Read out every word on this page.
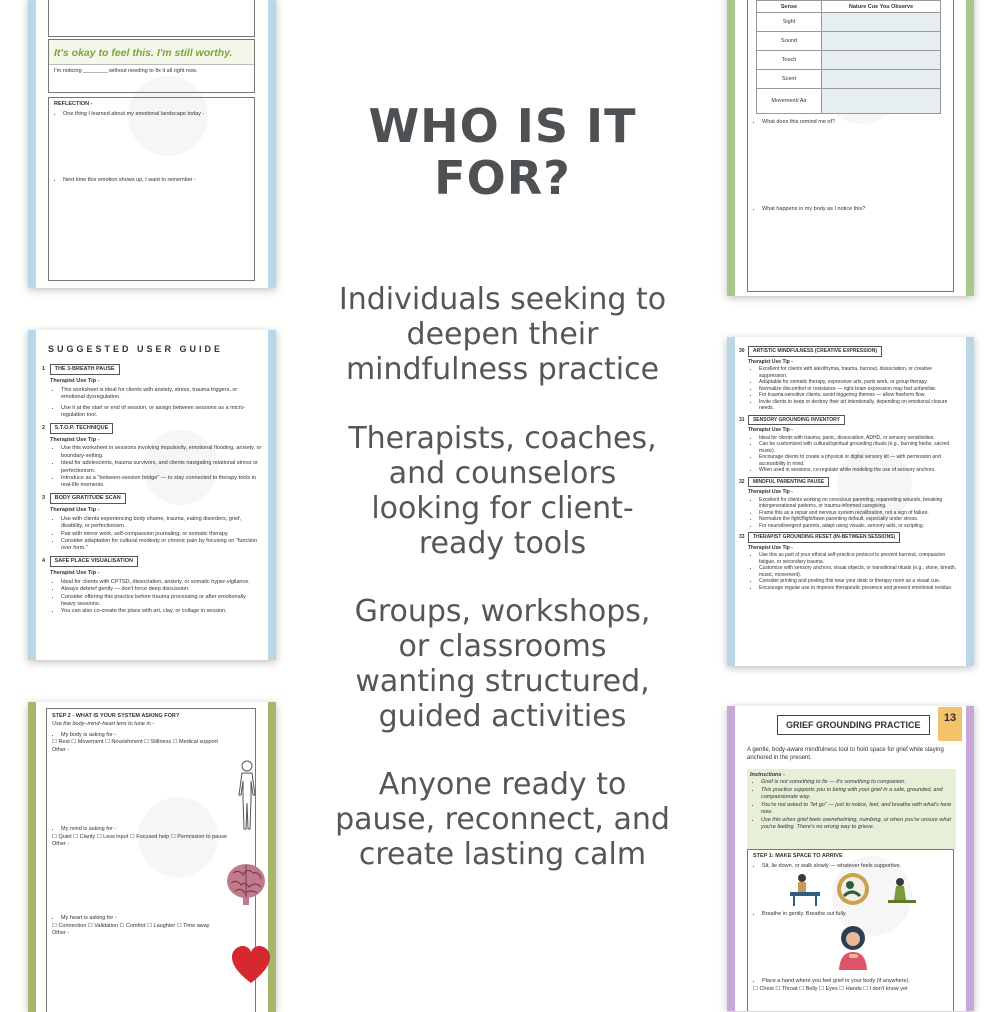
WHO IS IT
FOR?
Individuals seeking to
deepen their
mindfulness practice
Therapists, coaches,
and counselors
looking for client-
ready tools
Groups, workshops,
or classrooms
wanting structured,
guided activities
Anyone ready to
pause, reconnect, and
create lasting calm
It's okay to feel this. I'm still worthy.
I'm noticing ________ without needing to fix it all right now.
REFLECTION -
• One thing I learned about my emotional landscape today -
• Next time this emotion shows up, I want to remember -
Sense	Nature Cue You Observe
Sight	
Sound	
Touch	
Scent	
Movement/ Air	
• What does this remind me of?
• What happens in my body as I notice this?
SUGGESTED USER GUIDE
1 THE 3-BREATH PAUSE
Therapist Use Tip -
• This worksheet is ideal for clients with anxiety, stress, trauma triggers, or emotional dysregulation.
• Use it at the start or end of session, or assign between sessions as a micro-regulation tool.
2 S.T.O.P. TECHNIQUE
Therapist Use Tip -
• Use this worksheet in sessions involving impulsivity, emotional flooding, anxiety, or boundary-setting.
• Ideal for adolescents, trauma survivors, and clients navigating relational stress or perfectionism.
• Introduce as a "between-session bridge" — to stay connected to therapy tools in real-life moments.
3 BODY GRATITUDE SCAN
Therapist Use Tip -
• Use with clients experiencing body shame, trauma, eating disorders, grief, disability, or perfectionism.
• Pair with mirror work, self-compassion journaling, or somatic therapy.
• Consider adaptation for cultural modesty or chronic pain by focusing on "function over form."
4 SAFE PLACE VISUALISATION
Therapist Use Tip -
• Ideal for clients with CPTSD, dissociation, anxiety, or somatic hyper-vigilance.
• Always debrief gently — don't force deep discussion.
• Consider offering this practice before trauma processing or after emotionally heavy sessions.
• You can also co-create the place with art, clay, or collage in session.
30 ARTISTIC MINDFULNESS (CREATIVE EXPRESSION)
Therapist Use Tip -
• Excellent for clients with alexithymia, trauma, burnout, dissociation, or creative suppression.
• Adaptable for somatic therapy, expressive arts, parts work, or group therapy.
• Normalize discomfort or resistance — right-brain expression may feel unfamiliar.
• For trauma-sensitive clients, avoid triggering themes — allow freeform flow.
• Invite clients to keep or destroy their art intentionally, depending on emotional closure needs.
31 SENSORY GROUNDING INVENTORY
Therapist Use Tip -
• Ideal for clients with trauma, panic, dissociation, ADHD, or sensory sensitivities.
• Can be customized with cultural/spiritual grounding rituals (e.g., burning herbs, sacred music).
• Encourage clients to create a physical or digital sensory kit — with permission and accessibility in mind.
• When used in sessions, co-regulate while modeling the use of sensory anchors.
32 MINDFUL PARENTING PAUSE
Therapist Use Tip -
• Excellent for clients working on conscious parenting, reparenting wounds, breaking intergenerational patterns, or trauma-informed caregiving.
• Frame this as a repair and nervous system recalibration, not a sign of failure.
• Normalize the fight/flight/fawn parenting default, especially under stress.
• For neurodivergent parents, adapt using visuals, sensory aids, or scripting.
33 THERAPIST GROUNDING RESET (IN-BETWEEN SESSIONS)
Therapist Use Tip -
• Use this as part of your ethical self-practice protocol to prevent burnout, compassion fatigue, or secondary trauma.
• Customize with sensory anchors, visual objects, or transitional rituals (e.g., stone, breath, music, movement).
• Consider printing and posting this near your desk or therapy room as a visual cue.
• Encourage regular use to improve therapeutic presence and prevent emotional residue.
STEP 2 - WHAT IS YOUR SYSTEM ASKING FOR?
Use the body–mind–heart lens to tune in -
• My body is asking for -
☐ Rest ☐ Movement ☐ Nourishment ☐ Stillness ☐ Medical support
Other -
• My mind is asking for -
☐ Quiet ☐ Clarity ☐ Less input ☐ Focused help ☐ Permission to pause
Other -
• My heart is asking for -
☐ Connection ☐ Validation ☐ Comfort ☐ Laughter ☐ Time away
Other -
GRIEF GROUNDING PRACTICE
13
A gentle, body-aware mindfulness tool to hold space for grief while staying anchored in the present.
Instructions -
• Grief is not something to fix — it's something to companion.
• This practice supports you in being with your grief in a safe, grounded, and compassionate way.
• You're not asked to "let go" — just to notice, feel, and breathe with what's here now.
• Use this when grief feels overwhelming, numbing, or when you're unsure what you're feeling. There's no wrong way to grieve.
STEP 1: MAKE SPACE TO ARRIVE
• Sit, lie down, or walk slowly — whatever feels supportive.
• Breathe in gently. Breathe out fully.
• Place a hand where you feel grief in your body (if anywhere).
☐ Chest ☐ Throat ☐ Belly ☐ Eyes ☐ Hands ☐ I don't know yet
